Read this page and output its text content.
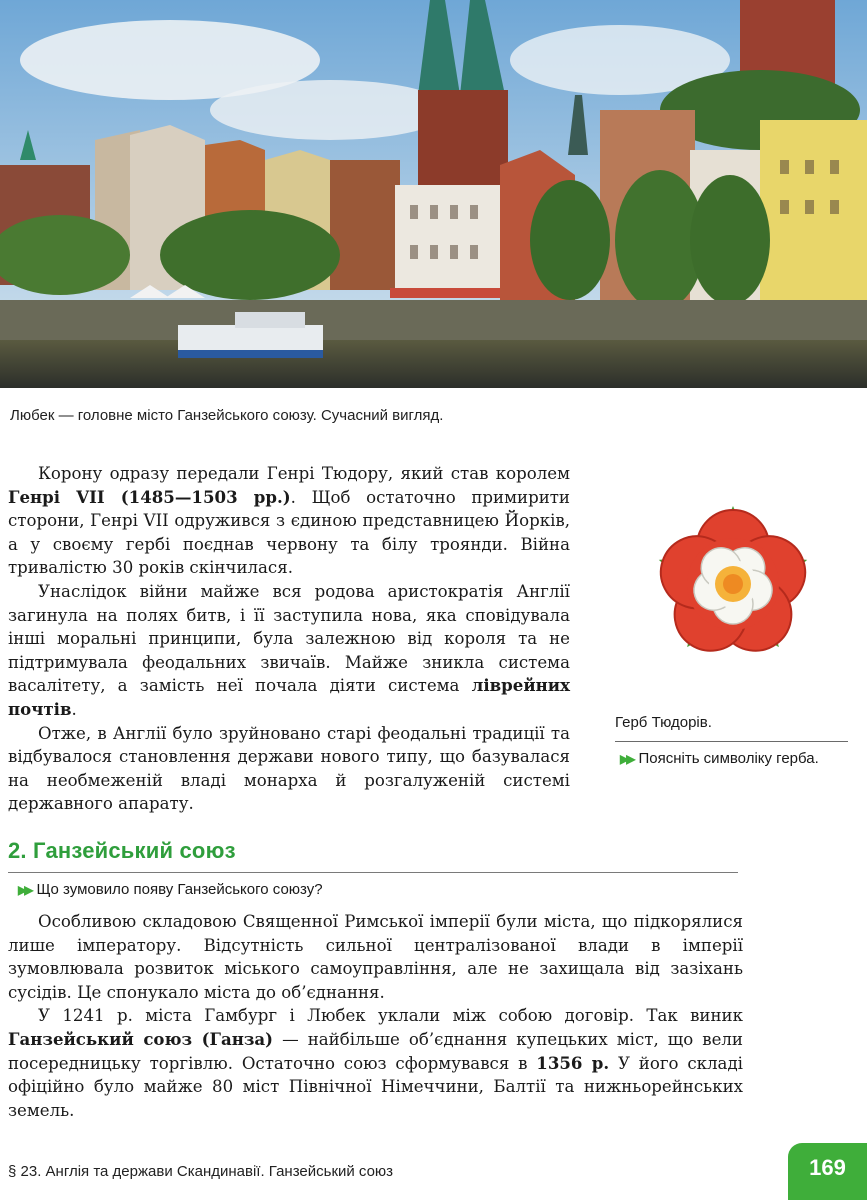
Любек — головне місто Ганзейського союзу. Сучасний вигляд.

Корону одразу передали Генрі Тюдору, який став королем Генрі VII (1485—1503 рр.). Щоб остаточно примирити сторони, Генрі VII одружився з єдиною представницею Йорків, а у своєму гербі поєднав червону та білу троянди. Війна тривалістю 30 років скінчилася.

Унаслідок війни майже вся родова аристократія Англії загинула на полях битв, і її заступила нова, яка сповідувала інші моральні принципи, була залежною від короля та не підтримувала феодальних звичаїв. Майже зникла система васалітету, а замість неї почала діяти система ліврейних почтів.

Отже, в Англії було зруйновано старі феодальні традиції та відбувалося становлення держави нового типу, що базувалася на необмеженій владі монарха й розгалуженій системі державного апарату.

Герб Тюдорів.
▶▶ Поясніть символіку герба.
2. Ганзейський союз
▶▶ Що зумовило появу Ганзейського союзу?

Особливою складовою Священної Римської імперії були міста, що підкорялися лише імператору. Відсутність сильної централізованої влади в імперії зумовлювала розвиток міського самоуправління, але не захищала від зазіхань сусідів. Це спонукало міста до об’єднання.

У 1241 р. міста Гамбург і Любек уклали між собою договір. Так виник Ганзейський союз (Ганза) — найбільше об’єднання купецьких міст, що вели посередницьку торгівлю. Остаточно союз сформувався в 1356 р. У його складі офіційно було майже 80 міст Північної Німеччини, Балтії та нижньорейнських земель.

§ 23. Англія та держави Скандинавії. Ганзейський союз	169
